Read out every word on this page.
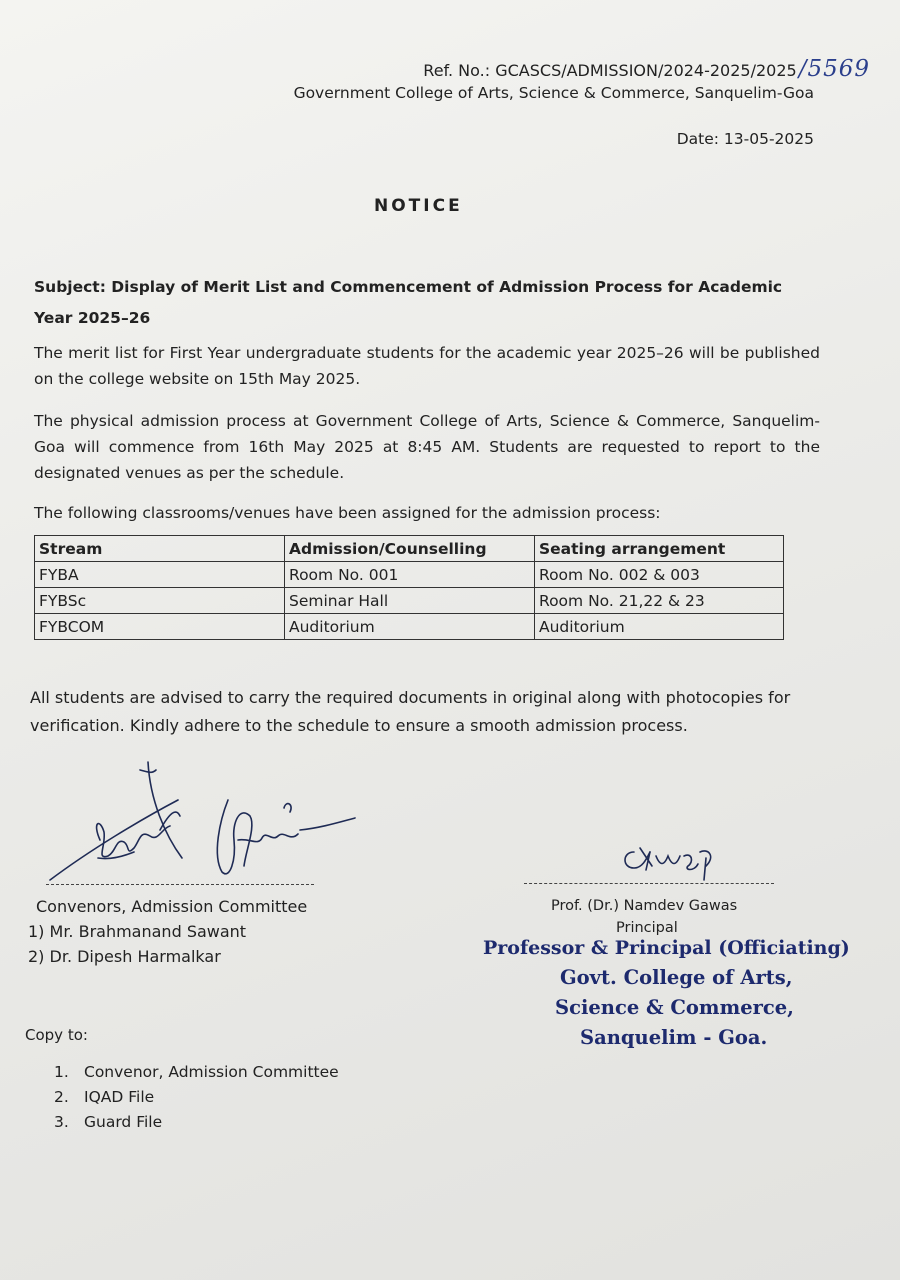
Ref. No.: GCASCS/ADMISSION/2024-2025/2025/5569
Government College of Arts, Science & Commerce, Sanquelim-Goa
Date: 13-05-2025
NOTICE
Subject: Display of Merit List and Commencement of Admission Process for Academic Year 2025–26
The merit list for First Year undergraduate students for the academic year 2025–26 will be published on the college website on 15th May 2025.
The physical admission process at Government College of Arts, Science & Commerce, Sanquelim-Goa will commence from 16th May 2025 at 8:45 AM. Students are requested to report to the designated venues as per the schedule.
The following classrooms/venues have been assigned for the admission process:
Stream	Admission/Counselling	Seating arrangement
FYBA	Room No. 001	Room No. 002 & 003
FYBSc	Seminar Hall	Room No. 21,22 & 23
FYBCOM	Auditorium	Auditorium
All students are advised to carry the required documents in original along with photocopies for verification. Kindly adhere to the schedule to ensure a smooth admission process.
Convenors, Admission Committee
1) Mr. Brahmanand Sawant
2) Dr. Dipesh Harmalkar
Prof. (Dr.) Namdev Gawas
Principal
Professor & Principal (Officiating)
Govt. College of Arts,
Science & Commerce,
Sanquelim - Goa.
Copy to:
1. Convenor, Admission Committee
2. IQAD File
3. Guard File
